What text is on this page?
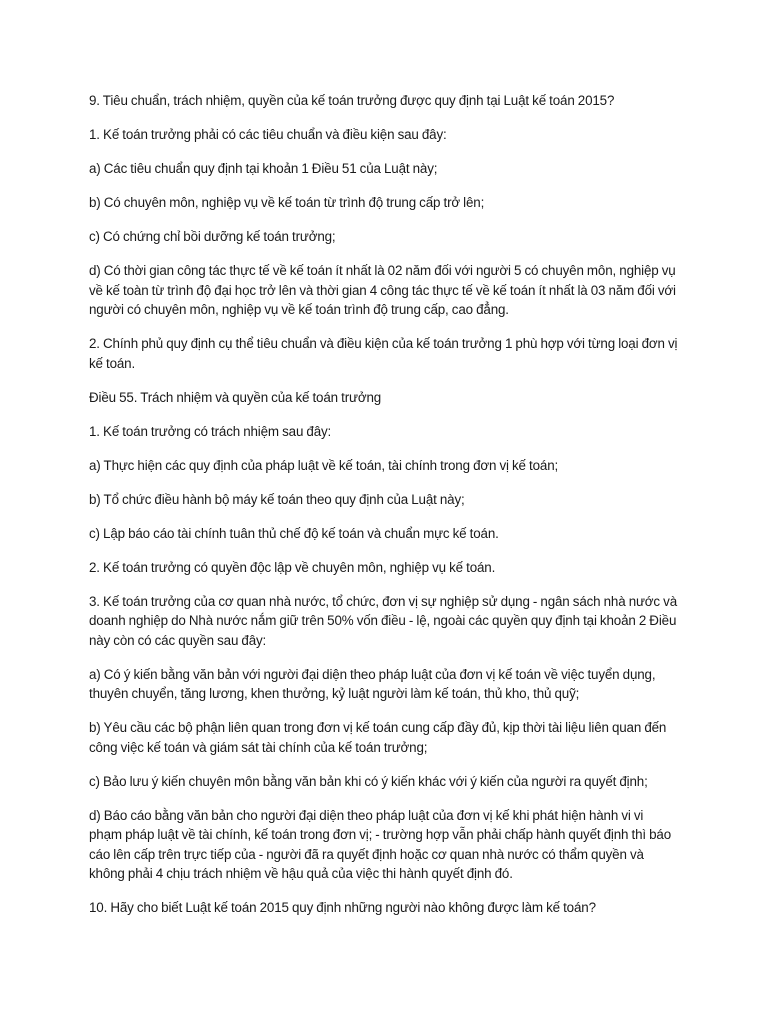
9. Tiêu chuẩn, trách nhiệm, quyền của kế toán trưởng được quy định tại Luật kế toán 2015?

1. Kế toán trưởng phải có các tiêu chuẩn và điều kiện sau đây:

a) Các tiêu chuẩn quy định tại khoản 1 Điều 51 của Luật này;

b) Có chuyên môn, nghiệp vụ về kế toán từ trình độ trung cấp trở lên;

c) Có chứng chỉ bồi dưỡng kế toán trưởng;

d) Có thời gian công tác thực tế về kế toán ít nhất là 02 năm đối với người 5 có chuyên môn, nghiệp vụ về kế toàn từ trình độ đại học trở lên và thời gian 4 công tác thực tế về kế toán ít nhất là 03 năm đối với người có chuyên môn, nghiệp vụ về kế toán trình độ trung cấp, cao đẳng.

2. Chính phủ quy định cụ thể tiêu chuẩn và điều kiện của kế toán trưởng 1 phù hợp với từng loại đơn vị kế toán.

Điều 55. Trách nhiệm và quyền của kế toán trưởng

1. Kế toán trưởng có trách nhiệm sau đây:

a) Thực hiện các quy định của pháp luật về kế toán, tài chính trong đơn vị kế toán;

b) Tổ chức điều hành bộ máy kế toán theo quy định của Luật này;

c) Lập báo cáo tài chính tuân thủ chế độ kế toán và chuẩn mực kế toán.

2. Kế toán trưởng có quyền độc lập về chuyên môn, nghiệp vụ kế toán.

3. Kế toán trưởng của cơ quan nhà nước, tổ chức, đơn vị sự nghiệp sử dụng - ngân sách nhà nước và doanh nghiệp do Nhà nước nắm giữ trên 50% vốn điều - lệ, ngoài các quyền quy định tại khoản 2 Điều này còn có các quyền sau đây:

a) Có ý kiến bằng văn bản với người đại diện theo pháp luật của đơn vị kế toán về việc tuyển dụng, thuyên chuyển, tăng lương, khen thưởng, kỷ luật người làm kế toán, thủ kho, thủ quỹ;

b) Yêu cầu các bộ phận liên quan trong đơn vị kế toán cung cấp đầy đủ, kịp thời tài liệu liên quan đến công việc kế toán và giám sát tài chính của kế toán trưởng;

c) Bảo lưu ý kiến chuyên môn bằng văn bản khi có ý kiến khác với ý kiến của người ra quyết định;

d) Báo cáo bằng văn bản cho người đại diện theo pháp luật của đơn vị kế khi phát hiện hành vi vi phạm pháp luật về tài chính, kế toán trong đơn vị; - trường hợp vẫn phải chấp hành quyết định thì báo cáo lên cấp trên trực tiếp của - người đã ra quyết định hoặc cơ quan nhà nước có thẩm quyền và không phải 4 chịu trách nhiệm về hậu quả của việc thi hành quyết định đó.

10. Hãy cho biết Luật kế toán 2015 quy định những người nào không được làm kế toán?
